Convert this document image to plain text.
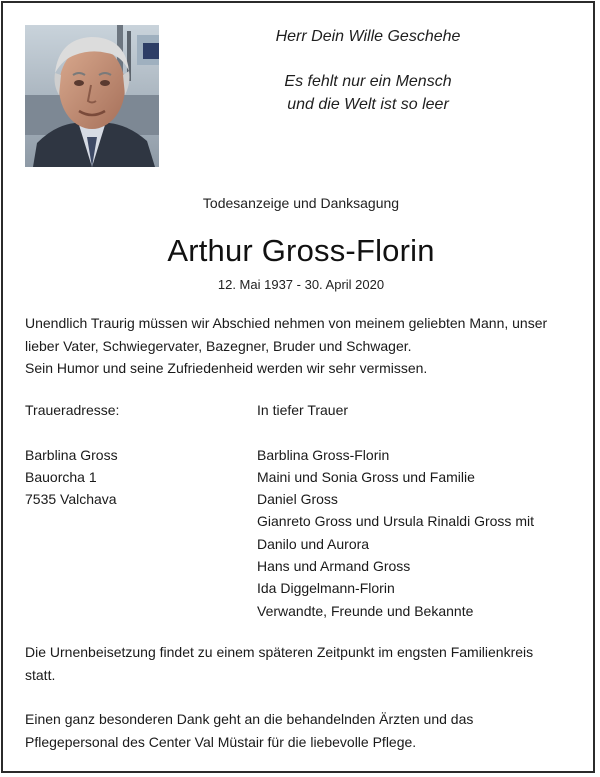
Herr Dein Wille Geschehe
Es fehlt nur ein Mensch
und die Welt ist so leer
Todesanzeige und Danksagung
Arthur Gross-Florin
12. Mai 1937 - 30. April 2020
Unendlich Traurig müssen wir Abschied nehmen von meinem geliebten Mann, unser
lieber Vater, Schwiegervater, Bazegner, Bruder und Schwager.
Sein Humor und seine Zufriedenheid werden wir sehr vermissen.
Traueradresse:
Barblina Gross
Bauorcha 1
7535 Valchava
In tiefer Trauer
Barblina Gross-Florin
Maini und Sonia Gross und Familie
Daniel Gross
Gianreto Gross und Ursula Rinaldi Gross mit
Danilo und Aurora
Hans und Armand Gross
Ida Diggelmann-Florin
Verwandte, Freunde und Bekannte
Die Urnenbeisetzung findet zu einem späteren Zeitpunkt im engsten Familienkreis
statt.
Einen ganz besonderen Dank geht an die behandelnden Ärzten und das
Pflegepersonal des Center Val Müstair für die liebevolle Pflege.
